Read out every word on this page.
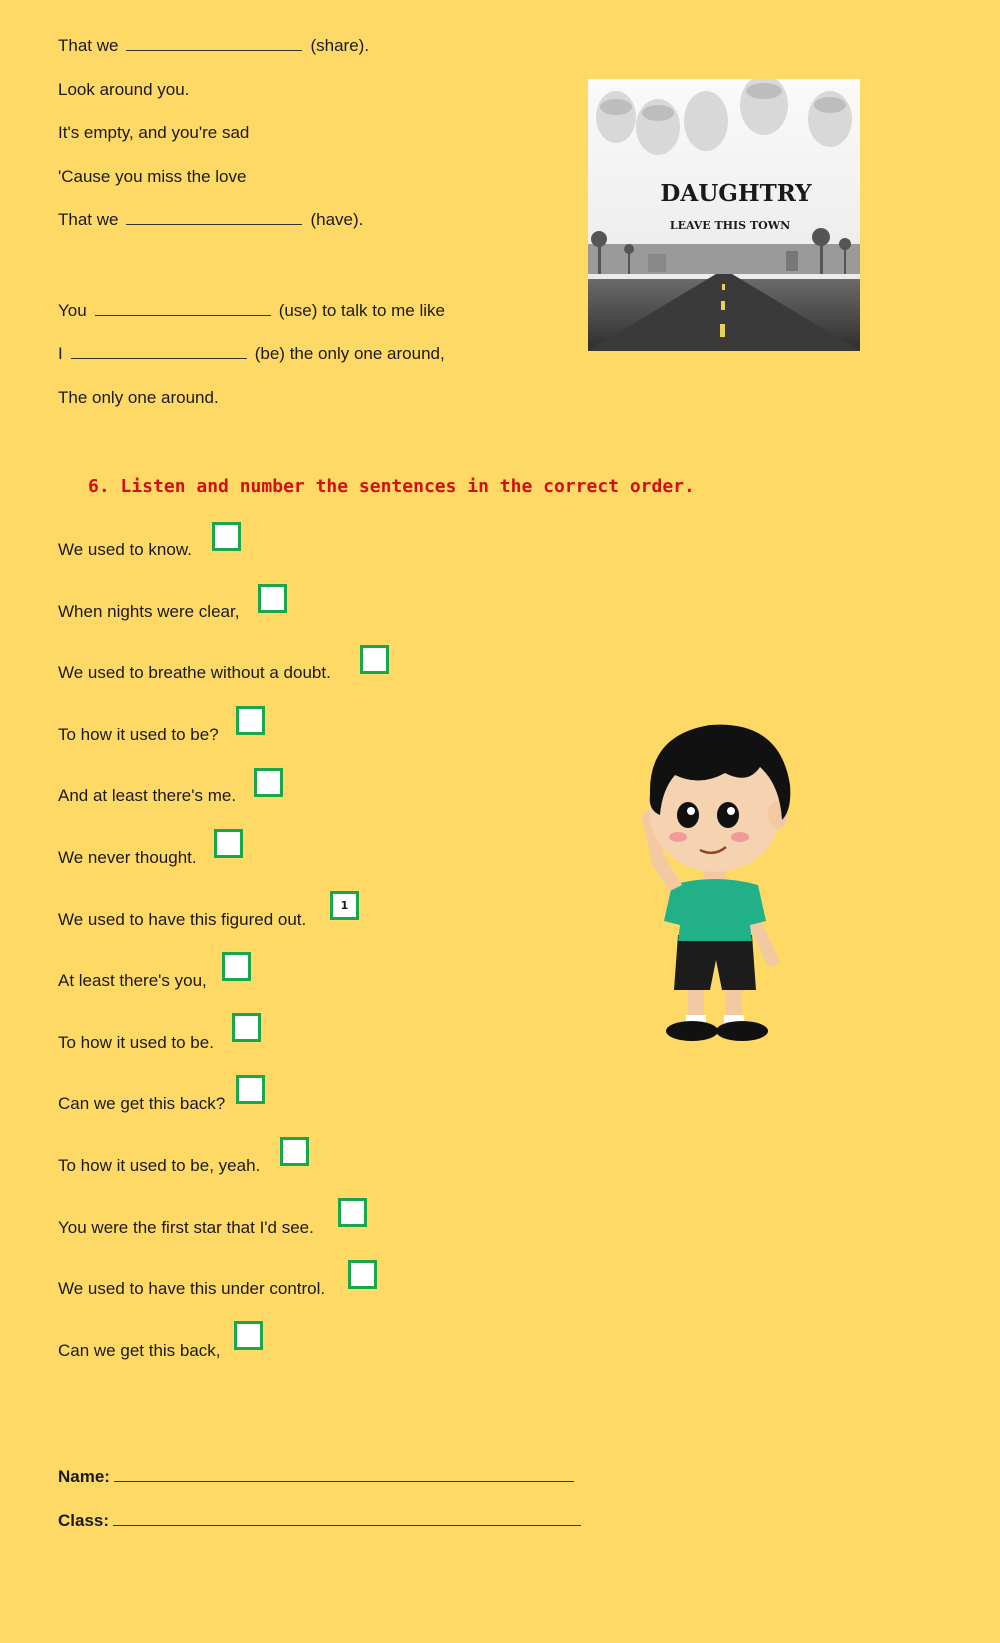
That we	(share).
Look around you.
It's empty, and you're sad
'Cause you miss the love
That we	(have).
You	(use) to talk to me like
I	(be) the only one around,
The only one around.
DAUGHTRY
LEAVE THIS TOWN
6. Listen and number the sentences in the correct order.
We used to know.
When nights were clear,
We used to breathe without a doubt.
To how it used to be?
And at least there's me.
We never thought.
We used to have this figured out.
1
At least there's you,
To how it used to be.
Can we get this back?
To how it used to be, yeah.
You were the first star that I'd see.
We used to have this under control.
Can we get this back,
Name:
Class:
